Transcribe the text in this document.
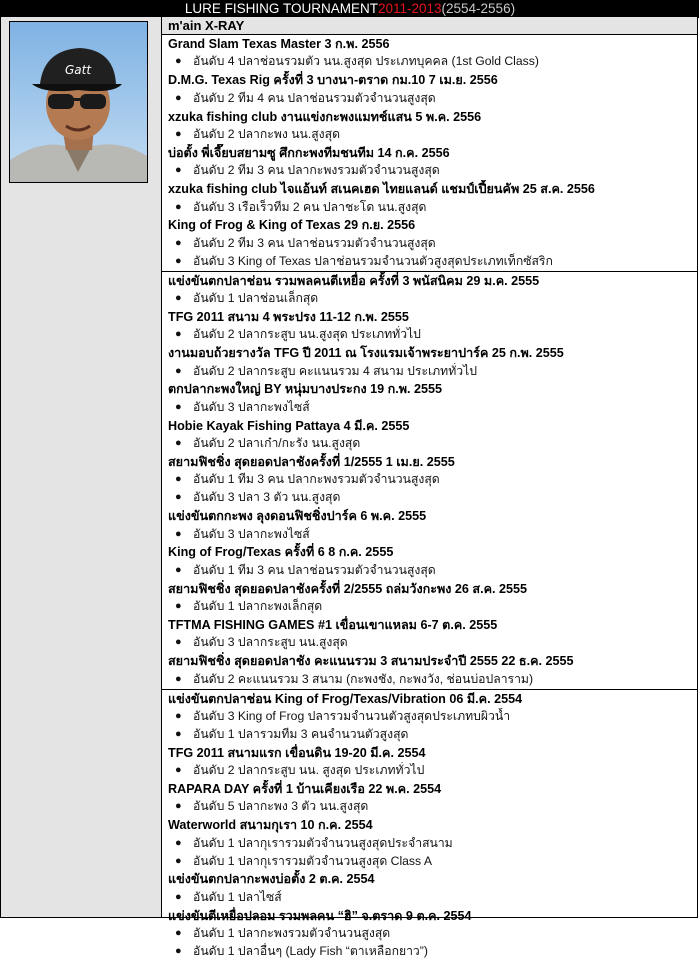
LURE FISHING TOURNAMENT 2011-2013 (2554-2556)
Gatt
m'ain X-RAY
Grand Slam Texas Master 3 ก.พ. 2556
● อันดับ 4 ปลาช่อนรวมตัว นน.สูงสุด ประเภทบุคคล (1st Gold Class)
D.M.G. Texas Rig ครั้งที่ 3 บางนา-ตราด กม.10 7 เม.ย. 2556
● อันดับ 2 ทีม 4 คน ปลาช่อนรวมตัวจำนวนสูงสุด
xzuka fishing club งานแข่งกะพงแมทช์แสน 5 พ.ค. 2556
● อันดับ 2 ปลากะพง นน.สูงสุด
บ่อตั้ง พี่เจี๊ยบสยามซู ศึกกะพงทีมชนทีม 14 ก.ค. 2556
● อันดับ 2 ทีม 3 คน ปลากะพงรวมตัวจำนวนสูงสุด
xzuka fishing club ไจแอ้นท์ สเนคเฮด ไทยแลนด์ แชมป์เปี้ยนคัพ 25 ส.ค. 2556
● อันดับ 3 เรือเร็วทีม 2 คน ปลาชะโด นน.สูงสุด
King of Frog & King of Texas 29 ก.ย. 2556
● อันดับ 2 ทีม 3 คน ปลาช่อนรวมตัวจำนวนสูงสุด
● อันดับ 3 King of Texas ปลาช่อนรวมจำนวนตัวสูงสุดประเภทเท็กซัสริก
แข่งขันตกปลาช่อน รวมพลคนตีเหยื่อ ครั้งที่ 3 พนัสนิคม 29 ม.ค. 2555
● อันดับ 1 ปลาช่อนเล็กสุด
TFG 2011 สนาม 4 พระปรง 11-12 ก.พ. 2555
● อันดับ 2 ปลากระสูบ นน.สูงสุด ประเภททั่วไป
งานมอบถ้วยรางวัล TFG ปี 2011 ณ โรงแรมเจ้าพระยาปาร์ค 25 ก.พ. 2555
● อันดับ 2 ปลากระสูบ คะแนนรวม 4 สนาม ประเภททั่วไป
ตกปลากะพงใหญ่ BY หนุ่มบางประกง 19 ก.พ. 2555
● อันดับ 3 ปลากะพงไซส์
Hobie Kayak Fishing Pattaya 4 มี.ค. 2555
● อันดับ 2 ปลาเก๋า/กะรัง นน.สูงสุด
สยามฟิชชิ่ง สุดยอดปลาชังครั้งที่ 1/2555 1 เม.ย. 2555
● อันดับ 1 ทีม 3 คน ปลากะพงรวมตัวจำนวนสูงสุด
● อันดับ 3 ปลา 3 ตัว นน.สูงสุด
แข่งขันตกกะพง ลุงดอนฟิชชิ่งปาร์ค 6 พ.ค. 2555
● อันดับ 3 ปลากะพงไซส์
King of Frog/Texas ครั้งที่ 6 8 ก.ค. 2555
● อันดับ 1 ทีม 3 คน ปลาช่อนรวมตัวจำนวนสูงสุด
สยามฟิชชิ่ง สุดยอดปลาชังครั้งที่ 2/2555 ถล่มวังกะพง 26 ส.ค. 2555
● อันดับ 1 ปลากะพงเล็กสุด
TFTMA FISHING GAMES #1 เขื่อนเขาแหลม 6-7 ต.ค. 2555
● อันดับ 3 ปลากระสูบ นน.สูงสุด
สยามฟิชชิ่ง สุดยอดปลาชัง คะแนนรวม 3 สนามประจำปี 2555 22 ธ.ค. 2555
● อันดับ 2 คะแนนรวม 3 สนาม (กะพงชัง, กะพงวัง, ช่อนบ่อปลาราม)
แข่งขันตกปลาช่อน King of Frog/Texas/Vibration 06 มี.ค. 2554
● อันดับ 3 King of Frog ปลารวมจำนวนตัวสูงสุดประเภทบผิวน้ำ
● อันดับ 1 ปลารวมทีม 3 คนจำนวนตัวสูงสุด
TFG 2011 สนามแรก เขื่อนดิน 19-20 มี.ค. 2554
● อันดับ 2 ปลากระสูบ นน. สูงสุด ประเภททั่วไป
RAPARA DAY ครั้งที่ 1 บ้านเคียงเรือ 22 พ.ค. 2554
● อันดับ 5 ปลากะพง 3 ตัว นน.สูงสุด
Waterworld สนามกุเรา 10 ก.ค. 2554
● อันดับ 1 ปลากุเรารวมตัวจำนวนสูงสุดประจำสนาม
● อันดับ 1 ปลากุเรารวมตัวจำนวนสูงสุด Class A
แข่งขันตกปลากะพงบ่อตั้ง 2 ต.ค. 2554
● อันดับ 1 ปลาไซส์
แข่งขันตีเหยื่อปลอม รวมพลคน “ฮิ” จ.ตราด 9 ต.ค. 2554
● อันดับ 1 ปลากะพงรวมตัวจำนวนสูงสุด
● อันดับ 1 ปลาอื่นๆ (Lady Fish “ตาเหลือกยาว”)
